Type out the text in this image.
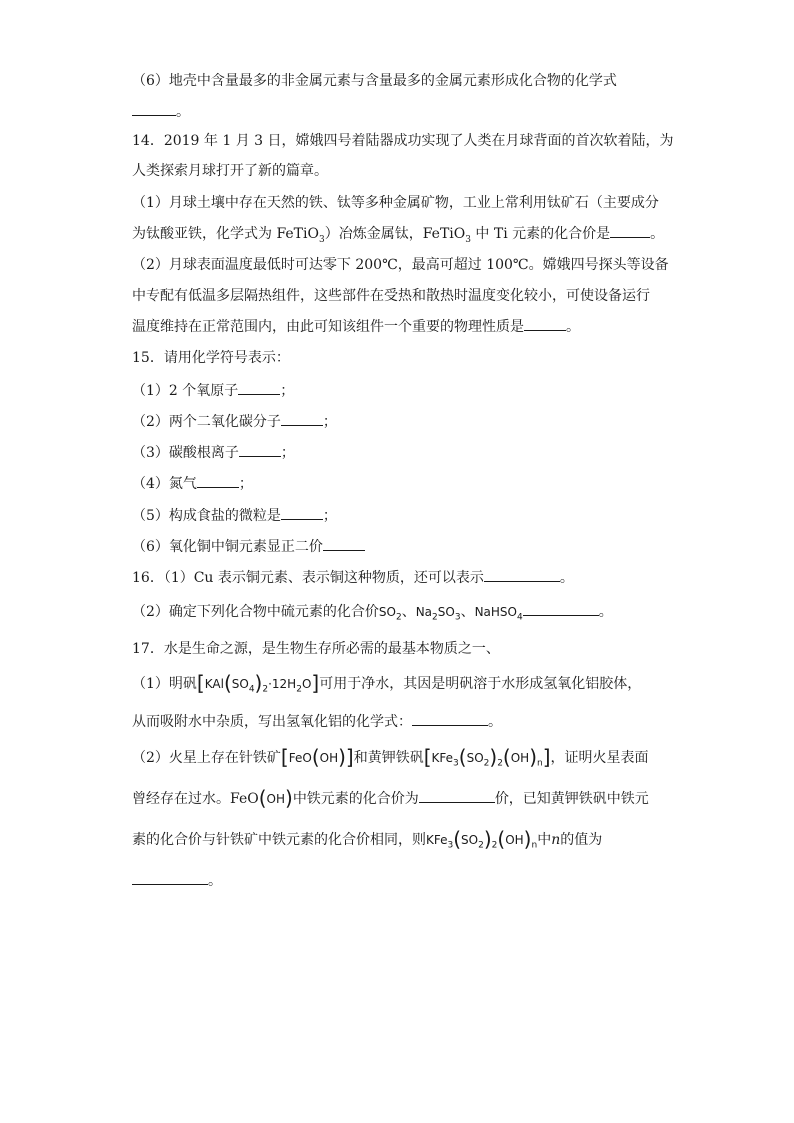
（6）地壳中含量最多的非金属元素与含量最多的金属元素形成化合物的化学式
。
14．2019 年 1 月 3 日，嫦娥四号着陆器成功实现了人类在月球背面的首次软着陆，为
人类探索月球打开了新的篇章。
（1）月球土壤中存在天然的铁、钛等多种金属矿物，工业上常利用钛矿石（主要成分
为钛酸亚铁，化学式为 FeTiO$_3$）冶炼金属钛，FeTiO$_3$ 中 Ti 元素的化合价是	。
（2）月球表面温度最低时可达零下 200℃，最高可超过 100℃。嫦娥四号探头等设备
中专配有低温多层隔热组件，这些部件在受热和散热时温度变化较小，可使设备运行
温度维持在正常范围内，由此可知该组件一个重要的物理性质是	。
15．请用化学符号表示：
（1）2 个氧原子	；
（2）两个二氧化碳分子	；
（3）碳酸根离子	；
（4）氮气	；
（5）构成食盐的微粒是	；
（6）氧化铜中铜元素显正二价
16．（1）Cu 表示铜元素、表示铜这种物质，还可以表示	。
（2）确定下列化合物中硫元素的化合价$SO_2$、$Na_2SO_3$、NaHSO$_4$	。
17．水是生命之源，是生物生存所必需的最基本物质之一、
（1）明矾$[KAl(SO_4)_2\cdot 12H_2O]$可用于净水，其因是明矾溶于水形成氢氧化铝胶体，
从而吸附水中杂质，写出氢氧化铝的化学式：	。
（2）火星上存在针铁矿[FeO(OH)]和黄钾铁矾$[KFe_3(SO_2)_2(OH)_n]$，证明火星表面
曾经存在过水。FeO(OH)中铁元素的化合价为	价，已知黄钾铁矾中铁元
素的化合价与针铁矿中铁元素的化合价相同，则$KFe_3(SO_2)_2(OH)_n$中n的值为
。
